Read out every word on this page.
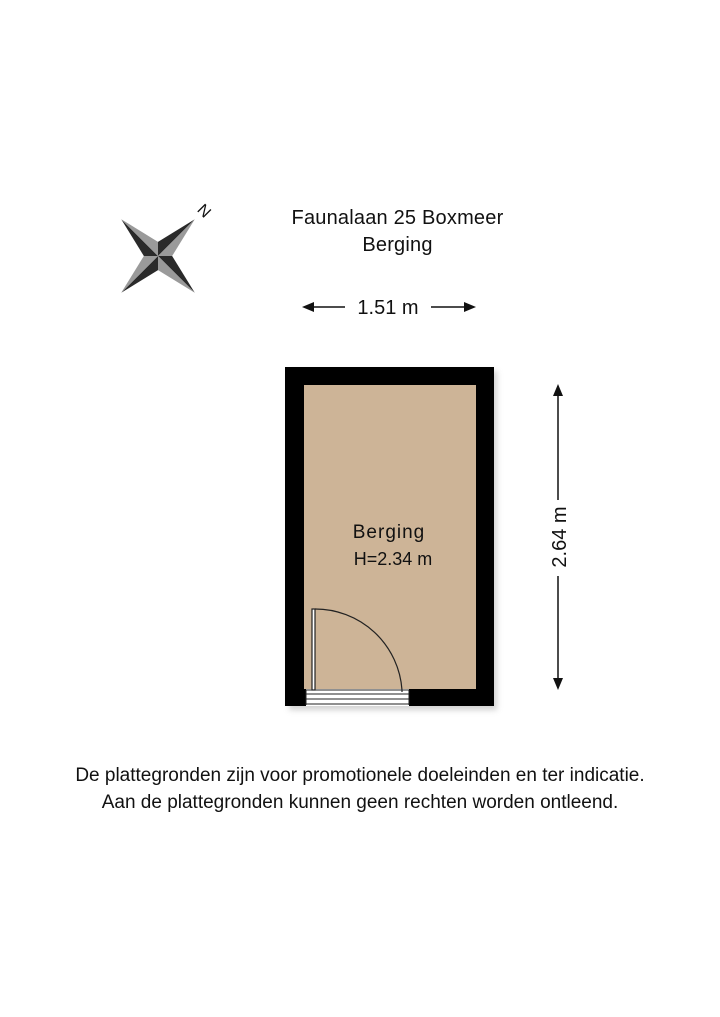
N
1.51 m
2.64 m
Berging
H=2.34 m
Faunalaan 25 Boxmeer
Berging
De plattegronden zijn voor promotionele doeleinden en ter indicatie.
Aan de plattegronden kunnen geen rechten worden ontleend.
